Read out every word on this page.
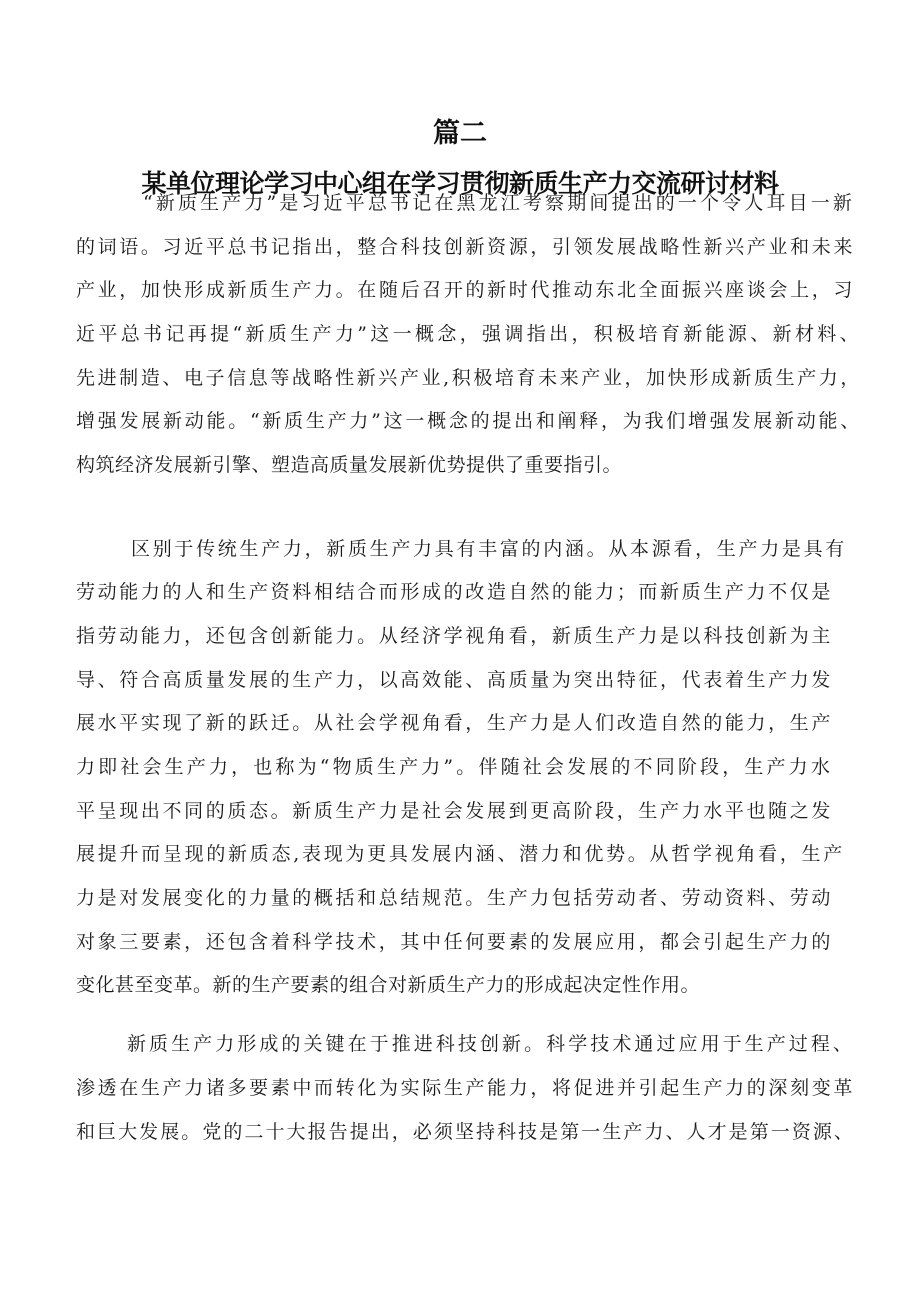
篇二
某单位理论学习中心组在学习贯彻新质生产力交流研讨材料
“新质生产力”是习近平总书记在黑龙江考察期间提出的一个令人耳目一新
的词语。习近平总书记指出，整合科技创新资源，引领发展战略性新兴产业和未来
产业，加快形成新质生产力。在随后召开的新时代推动东北全面振兴座谈会上，习
近平总书记再提“新质生产力”这一概念，强调指出，积极培育新能源、新材料、
先进制造、电子信息等战略性新兴产业,积极培育未来产业，加快形成新质生产力，
增强发展新动能。“新质生产力”这一概念的提出和阐释，为我们增强发展新动能、
构筑经济发展新引擎、塑造高质量发展新优势提供了重要指引。
区别于传统生产力，新质生产力具有丰富的内涵。从本源看，生产力是具有
劳动能力的人和生产资料相结合而形成的改造自然的能力；而新质生产力不仅是
指劳动能力，还包含创新能力。从经济学视角看，新质生产力是以科技创新为主
导、符合高质量发展的生产力，以高效能、高质量为突出特征，代表着生产力发
展水平实现了新的跃迁。从社会学视角看，生产力是人们改造自然的能力，生产
力即社会生产力，也称为“物质生产力”。伴随社会发展的不同阶段，生产力水
平呈现出不同的质态。新质生产力是社会发展到更高阶段，生产力水平也随之发
展提升而呈现的新质态,表现为更具发展内涵、潜力和优势。从哲学视角看，生产
力是对发展变化的力量的概括和总结规范。生产力包括劳动者、劳动资料、劳动
对象三要素，还包含着科学技术，其中任何要素的发展应用，都会引起生产力的
变化甚至变革。新的生产要素的组合对新质生产力的形成起决定性作用。
新质生产力形成的关键在于推进科技创新。科学技术通过应用于生产过程、
渗透在生产力诸多要素中而转化为实际生产能力，将促进并引起生产力的深刻变革
和巨大发展。党的二十大报告提出，必须坚持科技是第一生产力、人才是第一资源、
